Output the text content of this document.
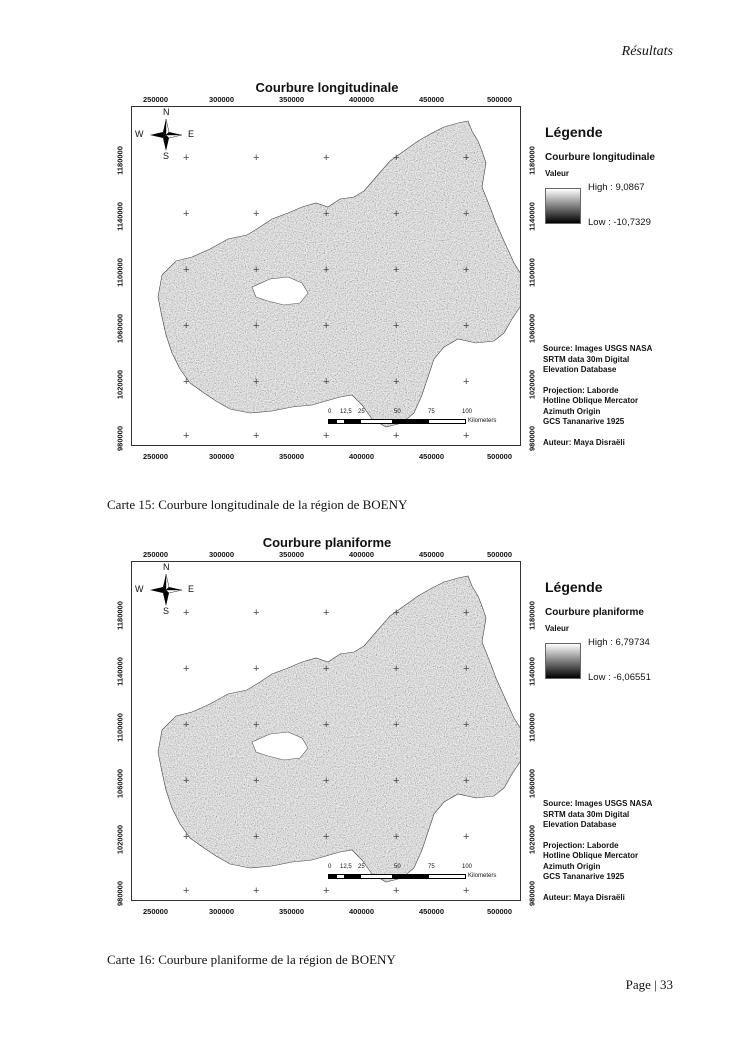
Résultats
Courbure longitudinale
250000
250000
300000
300000
350000
350000
400000
400000
450000
450000
500000
500000
1180000	1180000
1140000	1140000
1100000	1100000
1060000	1060000
1020000	1020000
980000	980000
+
+
+
+
+
+
+
+
+
+
+
+
+
+
+
+
+
+
+
+
+
+
+
+
+
+
+
+
+
+
N
S
W	E
0 12,5 25	50	75	100
Kilometers
Légende
Courbure longitudinale
Valeur
High : 9,0867
Low : -10,7329
Source: Images USGS NASA
SRTM data 30m Digital
Elevation Database
Projection: Laborde
Hotline Oblique Mercator
Azimuth Origin
GCS Tananarive 1925
Auteur: Maya Disraëli
Courbure planiforme
250000
250000
300000
300000
350000
350000
400000
400000
450000
450000
500000
500000
1180000	1180000
1140000	1140000
1100000	1100000
1060000	1060000
1020000	1020000
980000	980000
+
+
+
+
+
+
+
+
+
+
+
+
+
+
+
+
+
+
+
+
+
+
+
+
+
+
+
+
+
+
N
S
W	E
0 12,5 25	50	75	100
Kilometers
Légende
Courbure planiforme
Valeur
High : 6,79734
Low : -6,06551
Source: Images USGS NASA
SRTM data 30m Digital
Elevation Database
Projection: Laborde
Hotline Oblique Mercator
Azimuth Origin
GCS Tananarive 1925
Auteur: Maya Disraëli
Carte 15: Courbure longitudinale de la région de BOENY
Carte 16: Courbure planiforme de la région de BOENY
Page | 33
